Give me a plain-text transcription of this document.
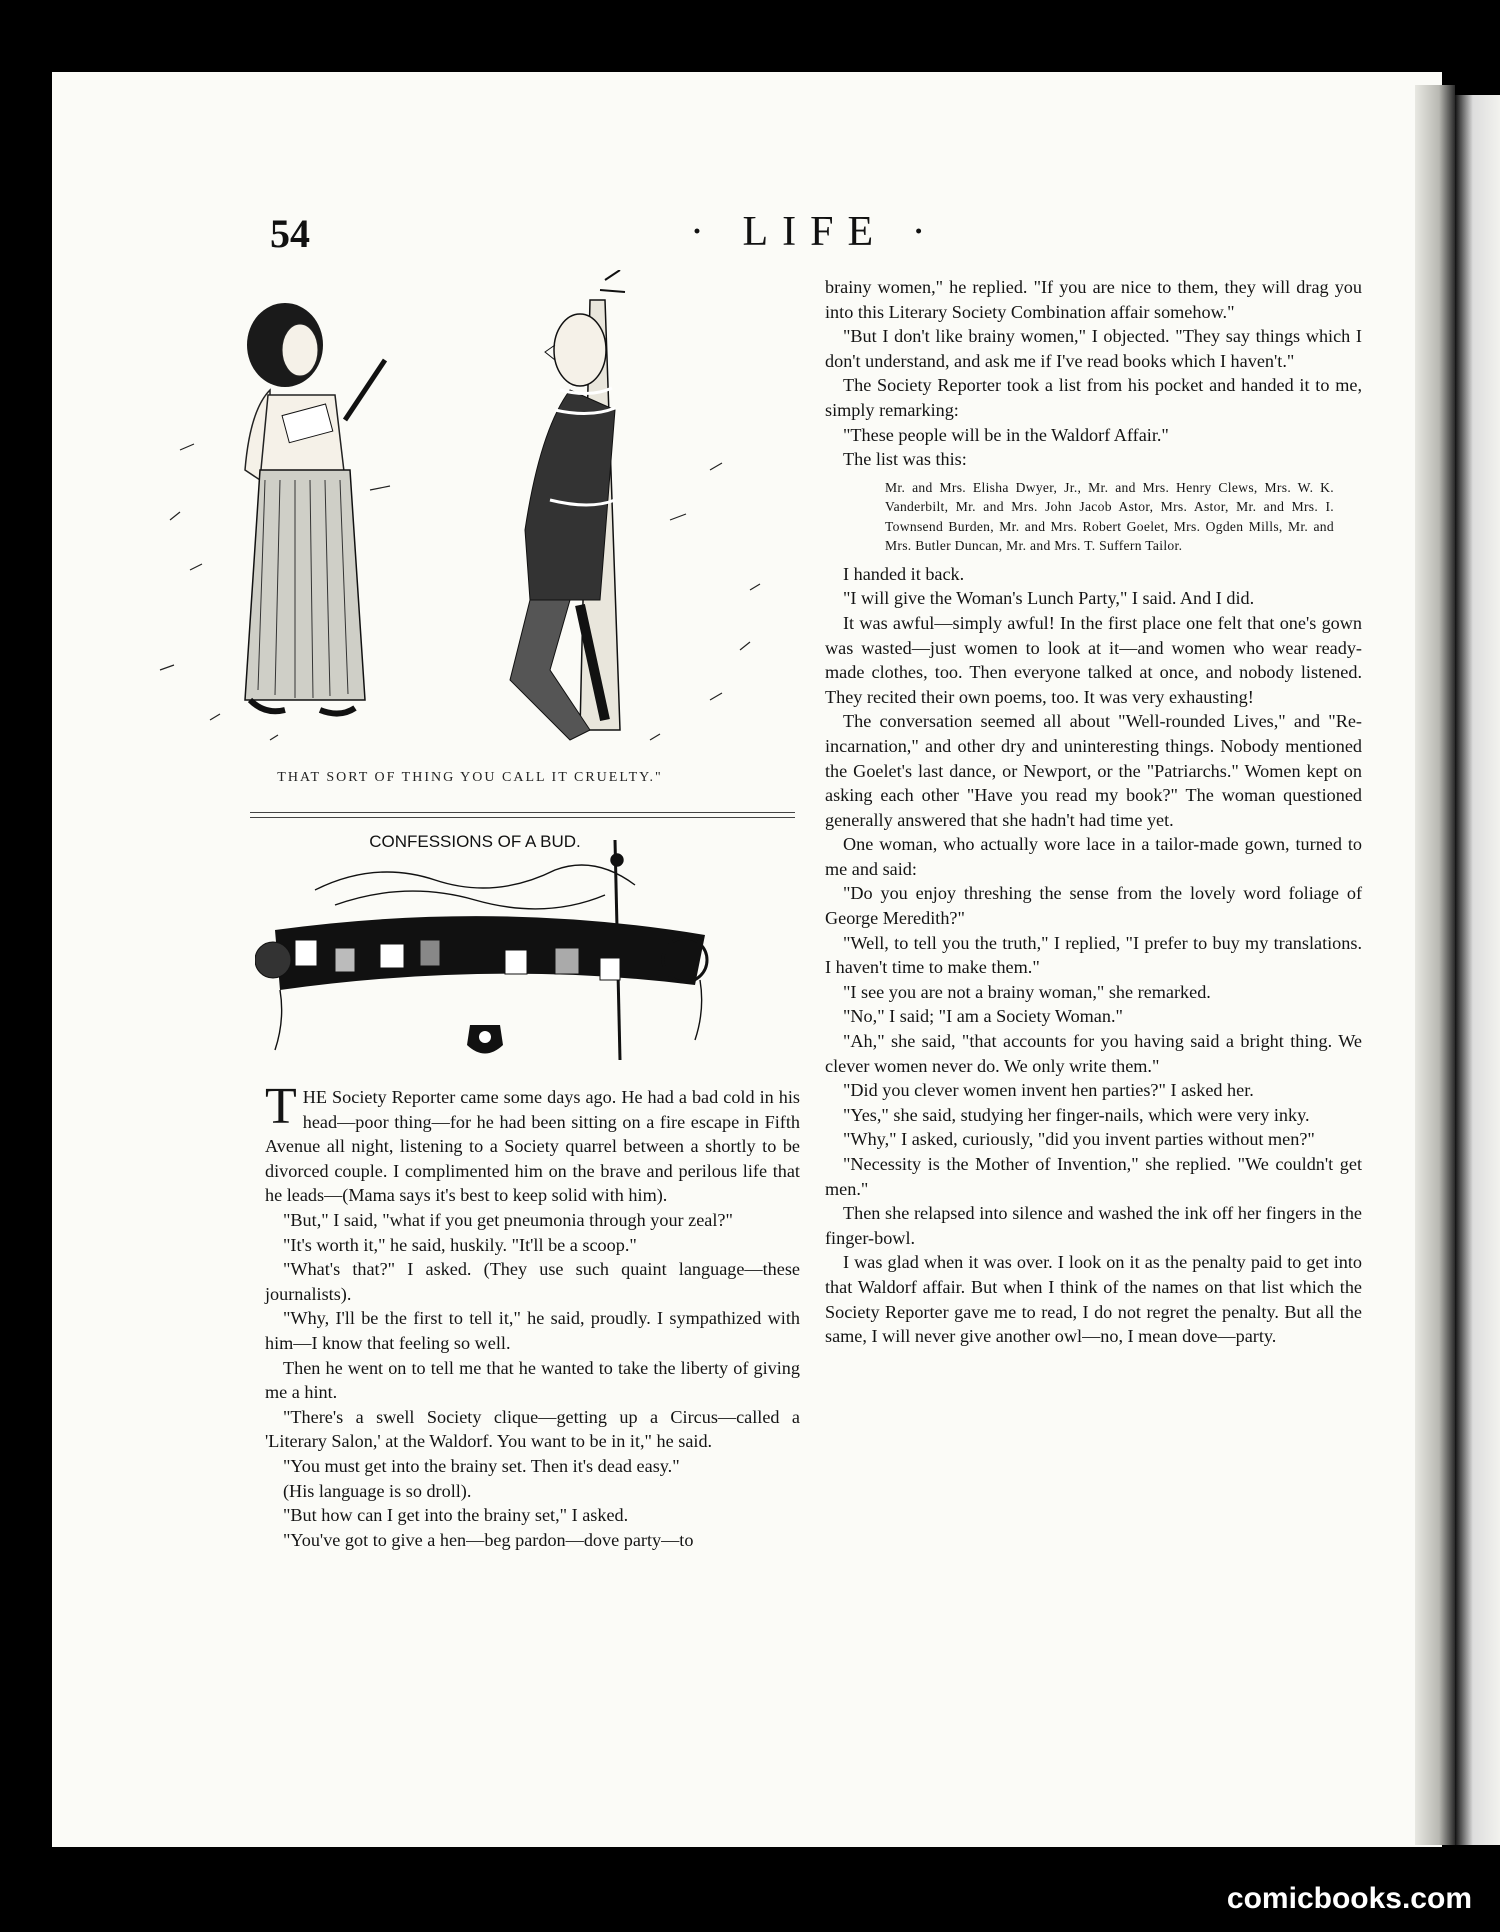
54	· LIFE ·
THAT SORT OF THING YOU CALL IT CRUELTY."
CONFESSIONS OF A BUD.

THE Society Reporter came some days ago. He had a bad cold in his head—poor thing—for he had been sitting on a fire escape in Fifth Avenue all night, listening to a Society quarrel between a shortly to be divorced couple. I complimented him on the brave and perilous life that he leads—(Mama says it's best to keep solid with him).

"But," I said, "what if you get pneumonia through your zeal?"

"It's worth it," he said, huskily. "It'll be a scoop."

"What's that?" I asked. (They use such quaint language—these journalists).

"Why, I'll be the first to tell it," he said, proudly. I sympathized with him—I know that feeling so well.

Then he went on to tell me that he wanted to take the liberty of giving me a hint.

"There's a swell Society clique—getting up a Circus—called a 'Literary Salon,' at the Waldorf. You want to be in it," he said.

"You must get into the brainy set. Then it's dead easy."

(His language is so droll).

"But how can I get into the brainy set," I asked.

"You've got to give a hen—beg pardon—dove party—to

brainy women," he replied. "If you are nice to them, they will drag you into this Literary Society Combination affair somehow."

"But I don't like brainy women," I objected. "They say things which I don't understand, and ask me if I've read books which I haven't."

The Society Reporter took a list from his pocket and handed it to me, simply remarking:

"These people will be in the Waldorf Affair."

The list was this:

Mr. and Mrs. Elisha Dwyer, Jr., Mr. and Mrs. Henry Clews, Mrs. W. K. Vanderbilt, Mr. and Mrs. John Jacob Astor, Mrs. Astor, Mr. and Mrs. I. Townsend Burden, Mr. and Mrs. Robert Goelet, Mrs. Ogden Mills, Mr. and Mrs. Butler Duncan, Mr. and Mrs. T. Suffern Tailor.

I handed it back.

"I will give the Woman's Lunch Party," I said. And I did.

It was awful—simply awful! In the first place one felt that one's gown was wasted—just women to look at it—and women who wear ready-made clothes, too. Then everyone talked at once, and nobody listened. They recited their own poems, too. It was very exhausting!

The conversation seemed all about "Well-rounded Lives," and "Re-incarnation," and other dry and uninteresting things. Nobody mentioned the Goelet's last dance, or Newport, or the "Patriarchs." Women kept on asking each other "Have you read my book?" The woman questioned generally answered that she hadn't had time yet.

One woman, who actually wore lace in a tailor-made gown, turned to me and said:

"Do you enjoy threshing the sense from the lovely word foliage of George Meredith?"

"Well, to tell you the truth," I replied, "I prefer to buy my translations. I haven't time to make them."

"I see you are not a brainy woman," she remarked.

"No," I said; "I am a Society Woman."

"Ah," she said, "that accounts for you having said a bright thing. We clever women never do. We only write them."

"Did you clever women invent hen parties?" I asked her.

"Yes," she said, studying her finger-nails, which were very inky.

"Why," I asked, curiously, "did you invent parties without men?"

"Necessity is the Mother of Invention," she replied. "We couldn't get men."

Then she relapsed into silence and washed the ink off her fingers in the finger-bowl.

I was glad when it was over. I look on it as the penalty paid to get into that Waldorf affair. But when I think of the names on that list which the Society Reporter gave me to read, I do not regret the penalty. But all the same, I will never give another owl—no, I mean dove—party.

comicbooks.com
